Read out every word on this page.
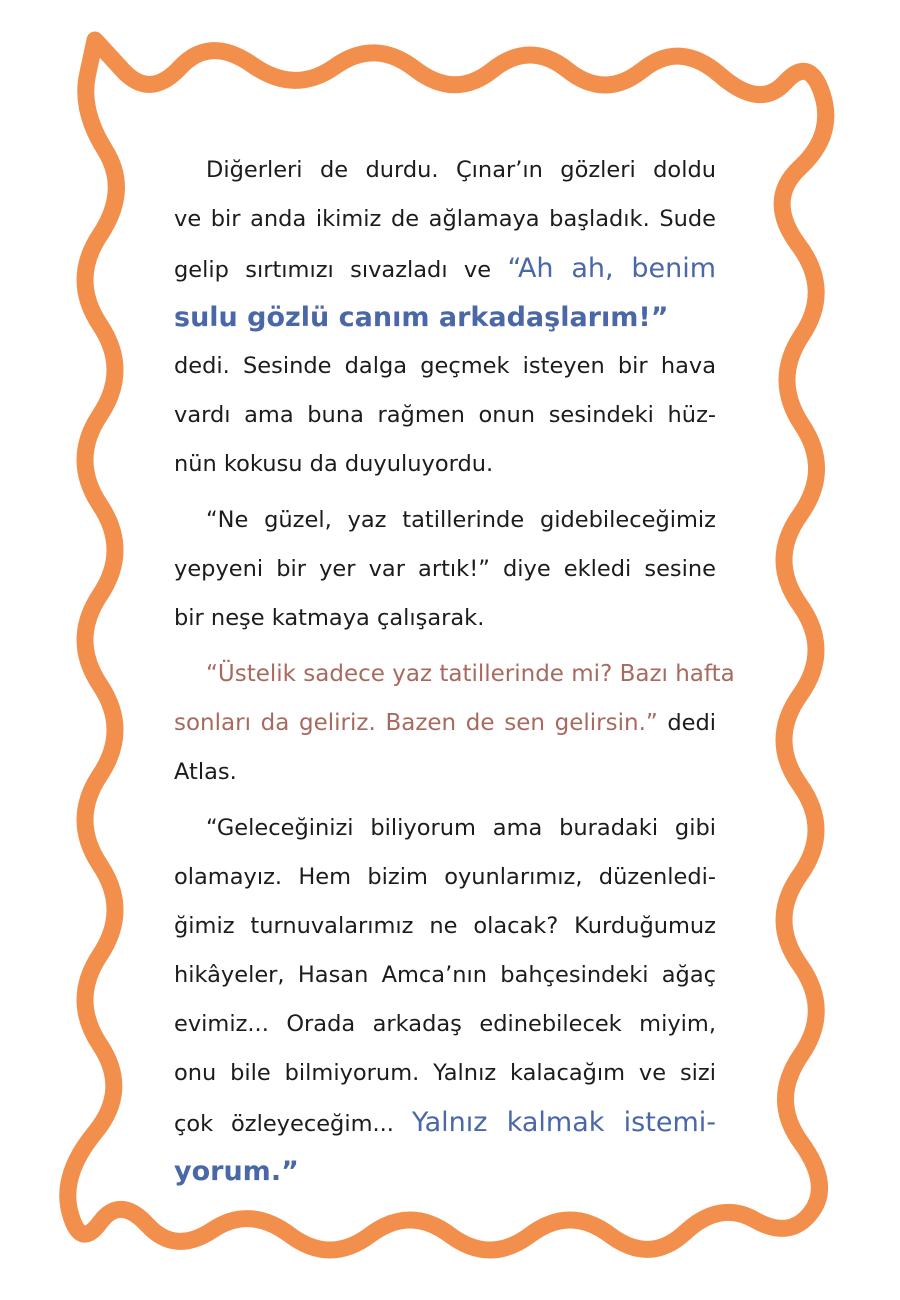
Diğerleri de durdu. Çınar’ın gözleri doldu
ve bir anda ikimiz de ağlamaya başladık. Sude
gelip sırtımızı sıvazladı ve “Ah ah, benim
sulu gözlü canım arkadaşlarım!”
dedi. Sesinde dalga geçmek isteyen bir hava
vardı ama buna rağmen onun sesindeki hüz-
nün kokusu da duyuluyordu.
“Ne güzel, yaz tatillerinde gidebileceğimiz
yepyeni bir yer var artık!” diye ekledi sesine
bir neşe katmaya çalışarak.
“Üstelik sadece yaz tatillerinde mi? Bazı hafta
sonları da geliriz. Bazen de sen gelirsin.” dedi
Atlas.
“Geleceğinizi biliyorum ama buradaki gibi
olamayız. Hem bizim oyunlarımız, düzenledi-
ğimiz turnuvalarımız ne olacak? Kurduğumuz
hikâyeler, Hasan Amca’nın bahçesindeki ağaç
evimiz... Orada arkadaş edinebilecek miyim,
onu bile bilmiyorum. Yalnız kalacağım ve sizi
çok özleyeceğim... Yalnız kalmak istemi-
yorum.”
